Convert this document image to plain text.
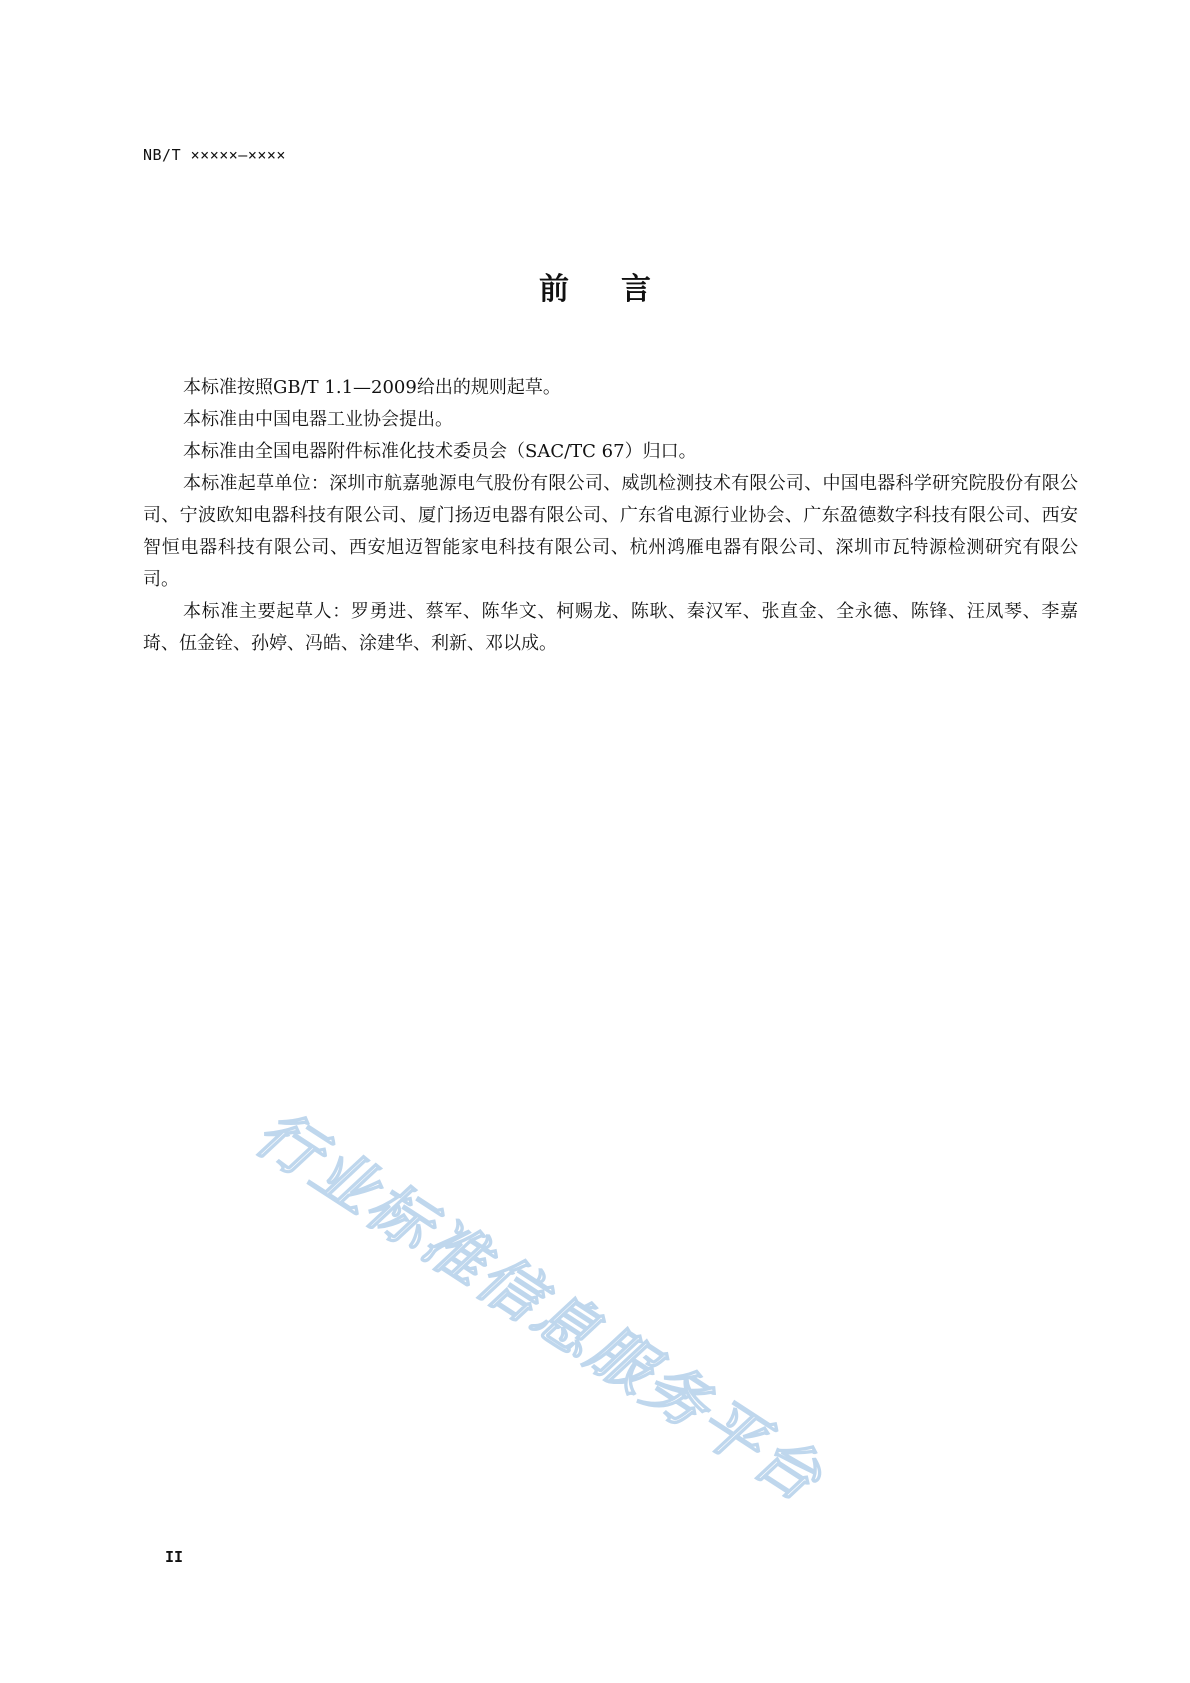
NB/T ×××××—××××
前言

本标准按照GB/T 1.1—2009给出的规则起草。

本标准由中国电器工业协会提出。

本标准由全国电器附件标准化技术委员会（SAC/TC 67）归口。

本标准起草单位：深圳市航嘉驰源电气股份有限公司、威凯检测技术有限公司、中国电器科学研究院股份有限公司、宁波欧知电器科技有限公司、厦门扬迈电器有限公司、广东省电源行业协会、广东盈德数字科技有限公司、西安智恒电器科技有限公司、西安旭迈智能家电科技有限公司、杭州鸿雁电器有限公司、深圳市瓦特源检测研究有限公司。

本标准主要起草人：罗勇进、蔡军、陈华文、柯赐龙、陈耿、秦汉军、张直金、全永德、陈锋、汪凤琴、李嘉琦、伍金铨、孙婷、冯皓、涂建华、利新、邓以成。

行业标准信息服务平台
II
